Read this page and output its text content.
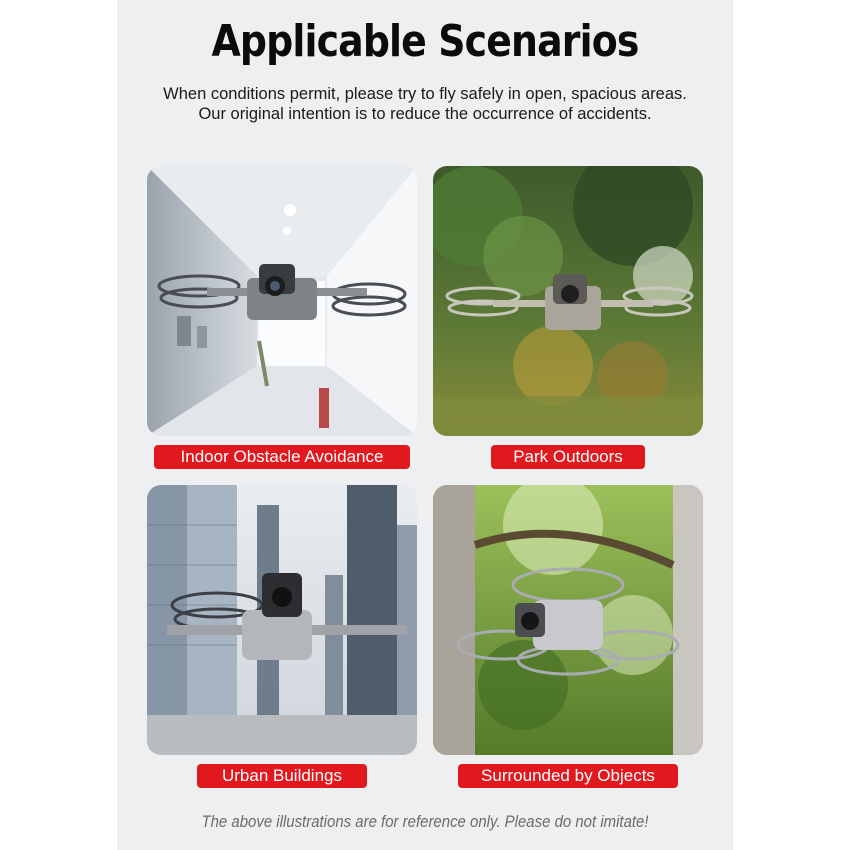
Applicable Scenarios
When conditions permit, please try to fly safely in open, spacious areas.
Our original intention is to reduce the occurrence of accidents.
Indoor Obstacle Avoidance	Park Outdoors
Urban Buildings	Surrounded by Objects
The above illustrations are for reference only. Please do not imitate!
